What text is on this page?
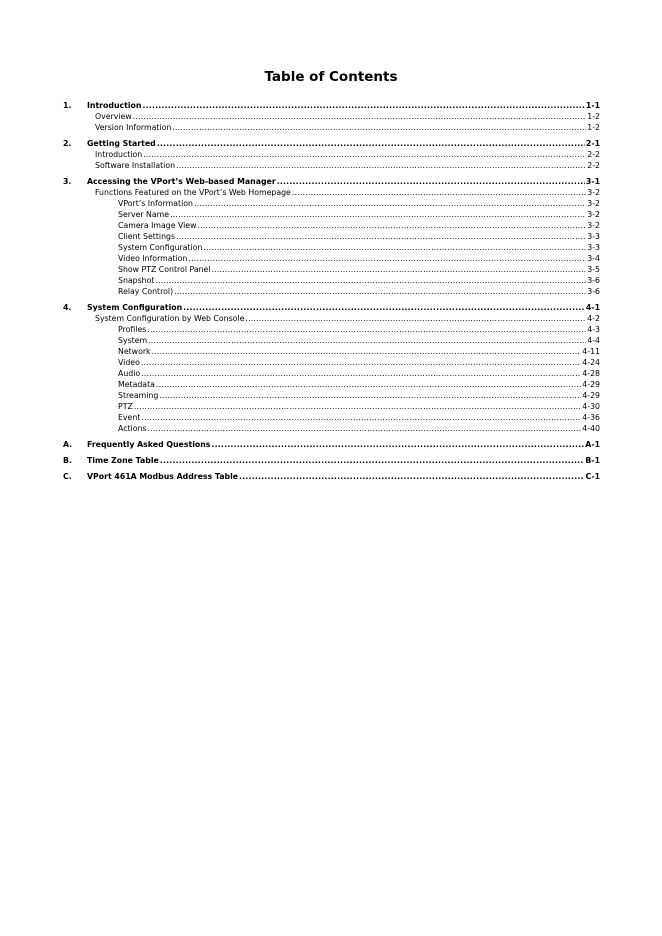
Table of Contents
1. Introduction .....	1-1
Overview .....	1-2
Version Information .....	1-2
2. Getting Started .....	2-1
Introduction .....	2-2
Software Installation .....	2-2
3. Accessing the VPort’s Web-based Manager .....	3-1
Functions Featured on the VPort’s Web Homepage .....	3-2
VPort’s Information .....	3-2
Server Name .....	3-2
Camera Image View .....	3-2
Client Settings .....	3-3
System Configuration .....	3-3
Video Information .....	3-4
Show PTZ Control Panel .....	3-5
Snapshot .....	3-6
Relay Control) .....	3-6
4. System Configuration .....	4-1
System Configuration by Web Console .....	4-2
Profiles .....	4-3
System .....	4-4
Network .....	4-11
Video .....	4-24
Audio .....	4-28
Metadata .....	4-29
Streaming .....	4-29
PTZ .....	4-30
Event .....	4-36
Actions .....	4-40
A. Frequently Asked Questions .....	A-1
B. Time Zone Table .....	B-1
C. VPort 461A Modbus Address Table .....	C-1
